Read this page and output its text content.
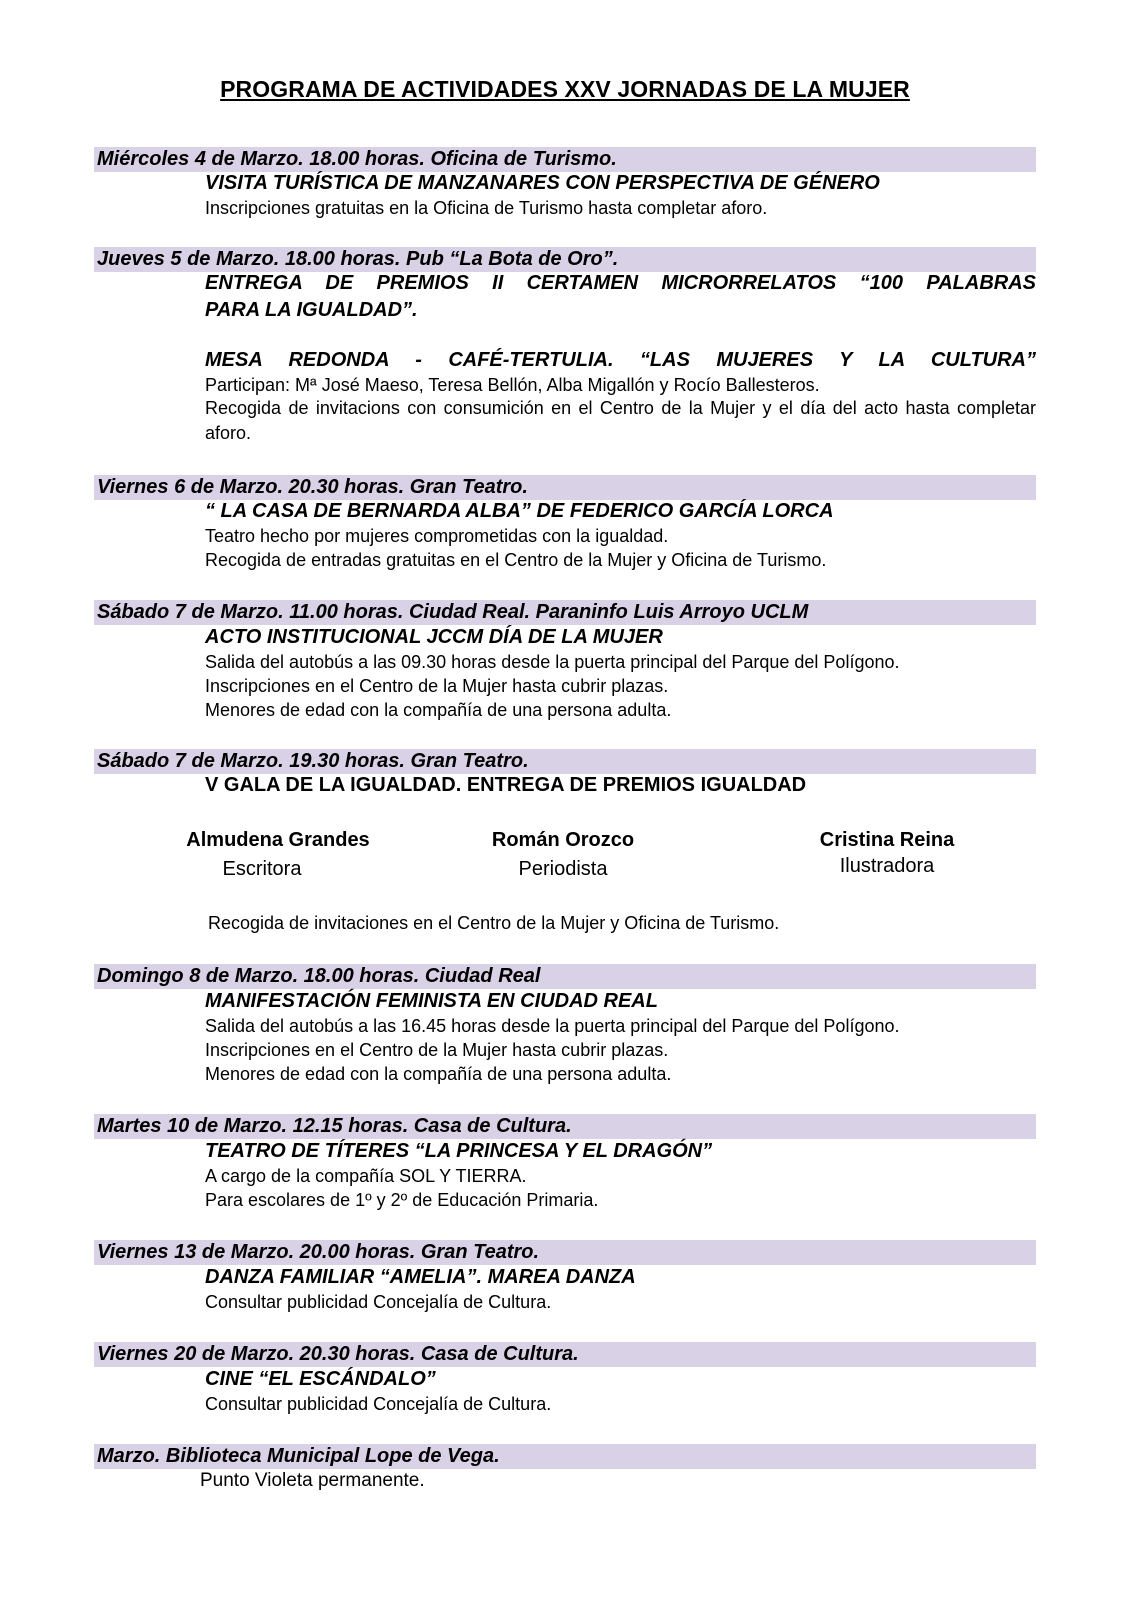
PROGRAMA DE ACTIVIDADES XXV JORNADAS DE LA MUJER
Miércoles 4 de Marzo. 18.00 horas. Oficina de Turismo.
VISITA TURÍSTICA DE MANZANARES CON PERSPECTIVA DE GÉNERO
Inscripciones gratuitas en la Oficina de Turismo hasta completar aforo.
Jueves 5 de Marzo. 18.00 horas. Pub “La Bota de Oro”.
ENTREGA DE PREMIOS II CERTAMEN MICRORRELATOS “100 PALABRAS
PARA LA IGUALDAD”.
MESA REDONDA - CAFÉ-TERTULIA. “LAS MUJERES Y LA CULTURA”
Participan: Mª José Maeso, Teresa Bellón, Alba Migallón y Rocío Ballesteros.
Recogida de invitacions con consumición en el Centro de la Mujer y el día del acto hasta completar aforo.
Viernes 6 de Marzo. 20.30 horas. Gran Teatro.
“ LA CASA DE BERNARDA ALBA” DE FEDERICO GARCÍA LORCA
Teatro hecho por mujeres comprometidas con la igualdad.
Recogida de entradas gratuitas en el Centro de la Mujer y Oficina de Turismo.
Sábado 7 de Marzo. 11.00 horas. Ciudad Real. Paraninfo Luis Arroyo UCLM
ACTO INSTITUCIONAL JCCM DÍA DE LA MUJER
Salida del autobús a las 09.30 horas desde la puerta principal del Parque del Polígono.
Inscripciones en el Centro de la Mujer hasta cubrir plazas.
Menores de edad con la compañía de una persona adulta.
Sábado 7 de Marzo. 19.30 horas. Gran Teatro.
V GALA DE LA IGUALDAD. ENTREGA DE PREMIOS IGUALDAD
Almudena Grandes
Escritora
Román Orozco
Periodista
Cristina Reina
Ilustradora
Recogida de invitaciones en el Centro de la Mujer y Oficina de Turismo.
Domingo 8 de Marzo. 18.00 horas. Ciudad Real
MANIFESTACIÓN FEMINISTA EN CIUDAD REAL
Salida del autobús a las 16.45 horas desde la puerta principal del Parque del Polígono.
Inscripciones en el Centro de la Mujer hasta cubrir plazas.
Menores de edad con la compañía de una persona adulta.
Martes 10 de Marzo. 12.15 horas. Casa de Cultura.
TEATRO DE TÍTERES “LA PRINCESA Y EL DRAGÓN”
A cargo de la compañía SOL Y TIERRA.
Para escolares de 1º y 2º de Educación Primaria.
Viernes 13 de Marzo. 20.00 horas. Gran Teatro.
DANZA FAMILIAR “AMELIA”. MAREA DANZA
Consultar publicidad Concejalía de Cultura.
Viernes 20 de Marzo. 20.30 horas. Casa de Cultura.
CINE “EL ESCÁNDALO”
Consultar publicidad Concejalía de Cultura.
Marzo. Biblioteca Municipal Lope de Vega.
Punto Violeta permanente.
